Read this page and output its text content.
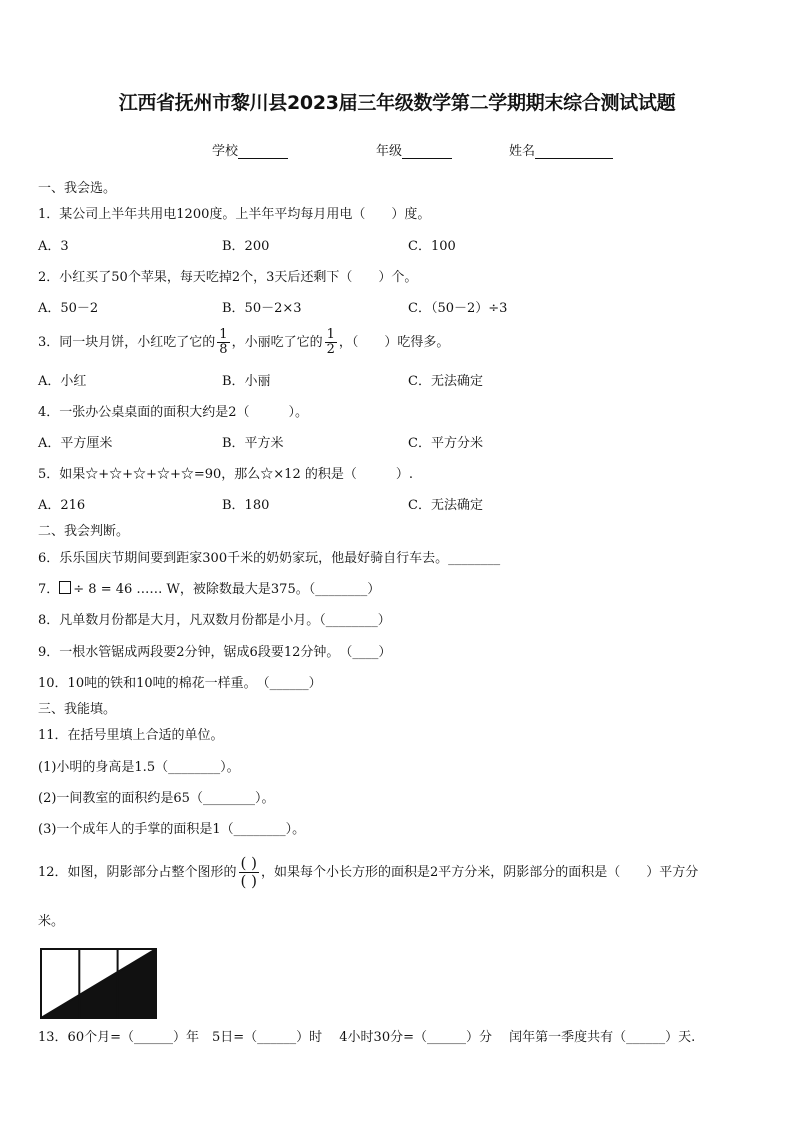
江西省抚州市黎川县2023届三年级数学第二学期期末综合测试试题
学校	年级	姓名
一、我会选。
1．某公司上半年共用电1200度。上半年平均每月用电（　　）度。
A．3	B．200	C．100
2．小红买了50个苹果，每天吃掉2个，3天后还剩下（　　）个。
A．50－2	B．50－2×3	C．（50－2）÷3
3．同一块月饼，小红吃了它的 $\frac{1}{8}$ ，小丽吃了它的 $\frac{1}{2}$ ，（　　）吃得多。
A．小红	B．小丽	C．无法确定
4．一张办公桌桌面的面积大约是2（　　　）。
A．平方厘米	B．平方米	C．平方分米
5．如果☆+☆+☆+☆+☆=90，那么☆×12 的积是（　　　）.
A．216	B．180	C．无法确定
二、我会判断。
6．乐乐国庆节期间要到距家300千米的奶奶家玩，他最好骑自行车去。________
7． ÷ 8 = 46 …… W，被除数最大是375。（________）
8．凡单数月份都是大月，凡双数月份都是小月。（________）
9．一根水管锯成两段要2分钟，锯成6段要12分钟。　（____）
10．10吨的铁和10吨的棉花一样重。　（______）
三、我能填。
11．在括号里填上合适的单位。
(1)小明的身高是1.5（________）。
(2)一间教室的面积约是65（________）。
(3)一个成年人的手掌的面积是1（________）。
12．如图，阴影部分占整个图形的 $\frac{( )}{( )}$ ，如果每个小长方形的面积是2平方分米，阴影部分的面积是（　　）平方分
米。
13．60个月=（______）年　5日=（______）时　 4小时30分=（______）分　 闰年第一季度共有（______）天.
